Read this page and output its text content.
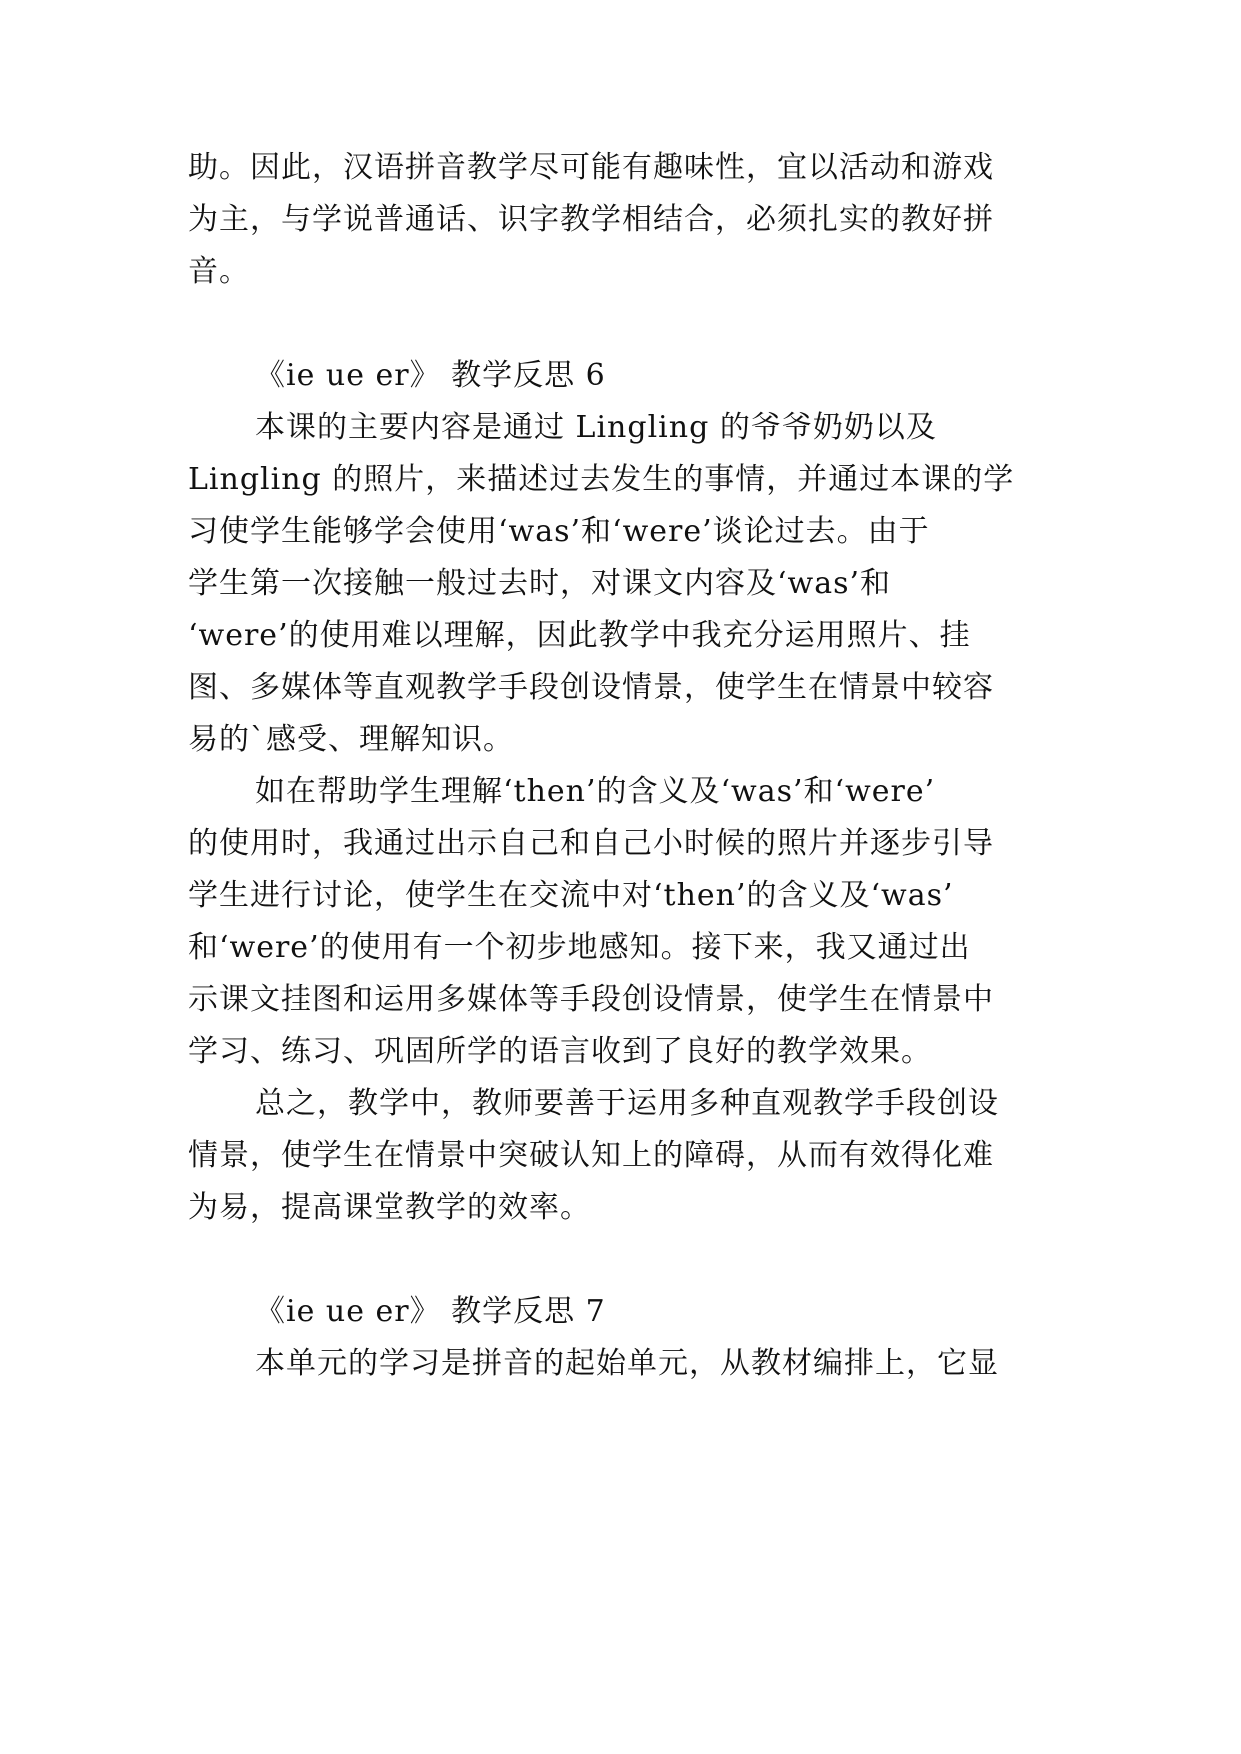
助。因此，汉语拼音教学尽可能有趣味性，宜以活动和游戏
为主，与学说普通话、识字教学相结合，必须扎实的教好拼
音。
《ie ue er》 教学反思 6
本课的主要内容是通过 Lingling 的爷爷奶奶以及
Lingling 的照片，来描述过去发生的事情，并通过本课的学
习使学生能够学会使用‘was’和‘were’谈论过去。由于
学生第一次接触一般过去时，对课文内容及‘was’和
‘were’的使用难以理解，因此教学中我充分运用照片、挂
图、多媒体等直观教学手段创设情景，使学生在情景中较容
易的`感受、理解知识。
如在帮助学生理解‘then’的含义及‘was’和‘were’
的使用时，我通过出示自己和自己小时候的照片并逐步引导
学生进行讨论，使学生在交流中对‘then’的含义及‘was’
和‘were’的使用有一个初步地感知。接下来，我又通过出
示课文挂图和运用多媒体等手段创设情景，使学生在情景中
学习、练习、巩固所学的语言收到了良好的教学效果。
总之，教学中，教师要善于运用多种直观教学手段创设
情景，使学生在情景中突破认知上的障碍，从而有效得化难
为易，提高课堂教学的效率。
《ie ue er》 教学反思 7
本单元的学习是拼音的起始单元，从教材编排上，它显
